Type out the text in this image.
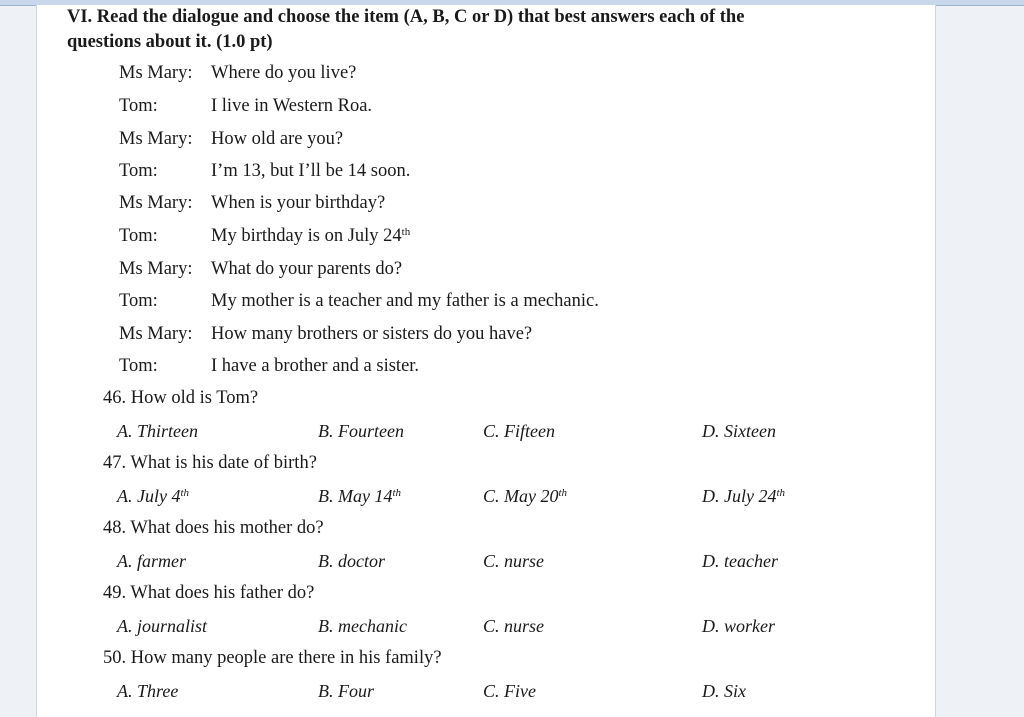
VI. Read the dialogue and choose the item (A, B, C or D) that best answers each of the
questions about it. (1.0 pt)
Ms Mary: Where do you live?
Tom:	I live in Western Roa.
Ms Mary: How old are you?
Tom:	I’m 13, but I’ll be 14 soon.
Ms Mary: When is your birthday?
Tom:	My birthday is on July 24th
Ms Mary: What do your parents do?
Tom:	My mother is a teacher and my father is a mechanic.
Ms Mary: How many brothers or sisters do you have?
Tom:	I have a brother and a sister.
46. How old is Tom?
A. Thirteen	B. Fourteen	C. Fifteen	D. Sixteen
47. What is his date of birth?
A. July 4th	B. May 14th	C. May 20th	D. July 24th
48. What does his mother do?
A. farmer	B. doctor	C. nurse	D. teacher
49. What does his father do?
A. journalist	B. mechanic	C. nurse	D. worker
50. How many people are there in his family?
A. Three	B. Four	C. Five	D. Six
